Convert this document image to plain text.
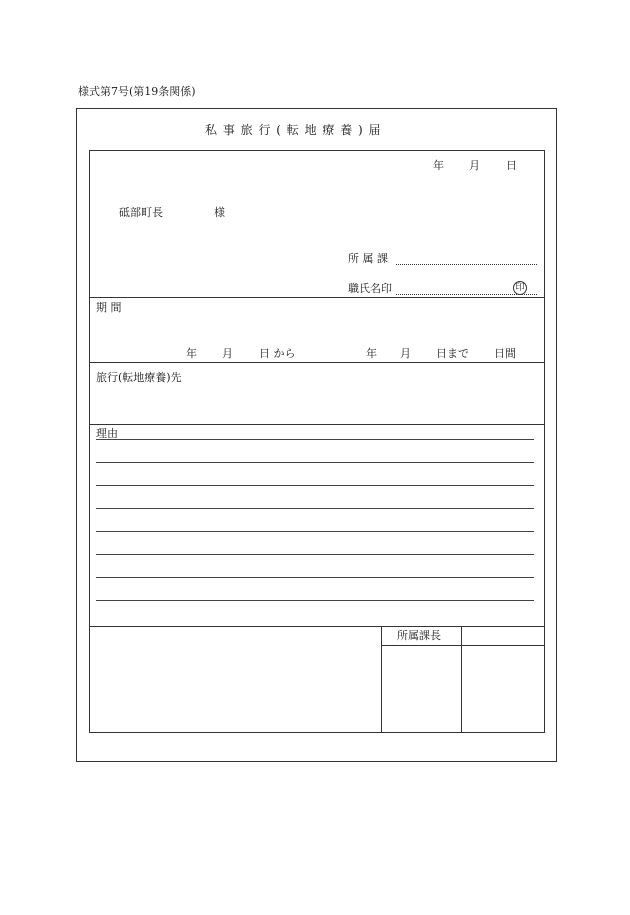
様式第7号(第19条関係)
私 事 旅 行 ( 転 地 療 養 ) 届
年 月 日
砥部町長	様
所 属 課
職氏名印	印
期 間
年 月 日 から	年 月 日まで 日間
旅行(転地療養)先
理由
所属課長
